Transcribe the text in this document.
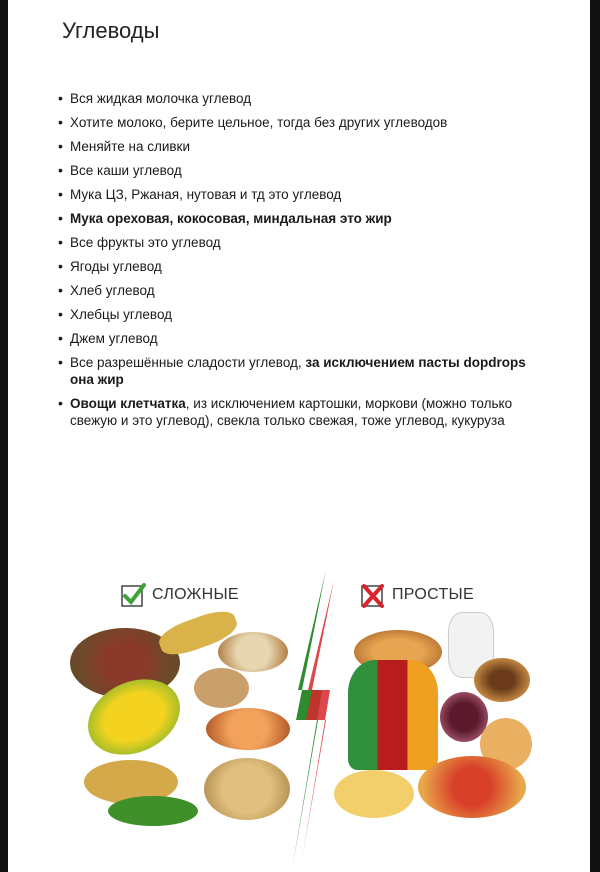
Углеводы
• Вся жидкая молочка углевод
• Хотите молоко, берите цельное, тогда без других углеводов
• Меняйте на сливки
• Все каши углевод
• Мука ЦЗ, Ржаная, нутовая и тд это углевод
• Мука ореховая, кокосовая, миндальная это жир
• Все фрукты это углевод
• Ягоды углевод
• Хлеб углевод
• Хлебцы углевод
• Джем углевод
• Все разрешённые сладости углевод, за исключением пасты dopdrops она жир
• Овощи клетчатка, из исключением картошки, моркови (можно только свежую и это углевод), свекла только свежая, тоже углевод, кукуруза
СЛОЖНЫЕ	ПРОСТЫЕ
